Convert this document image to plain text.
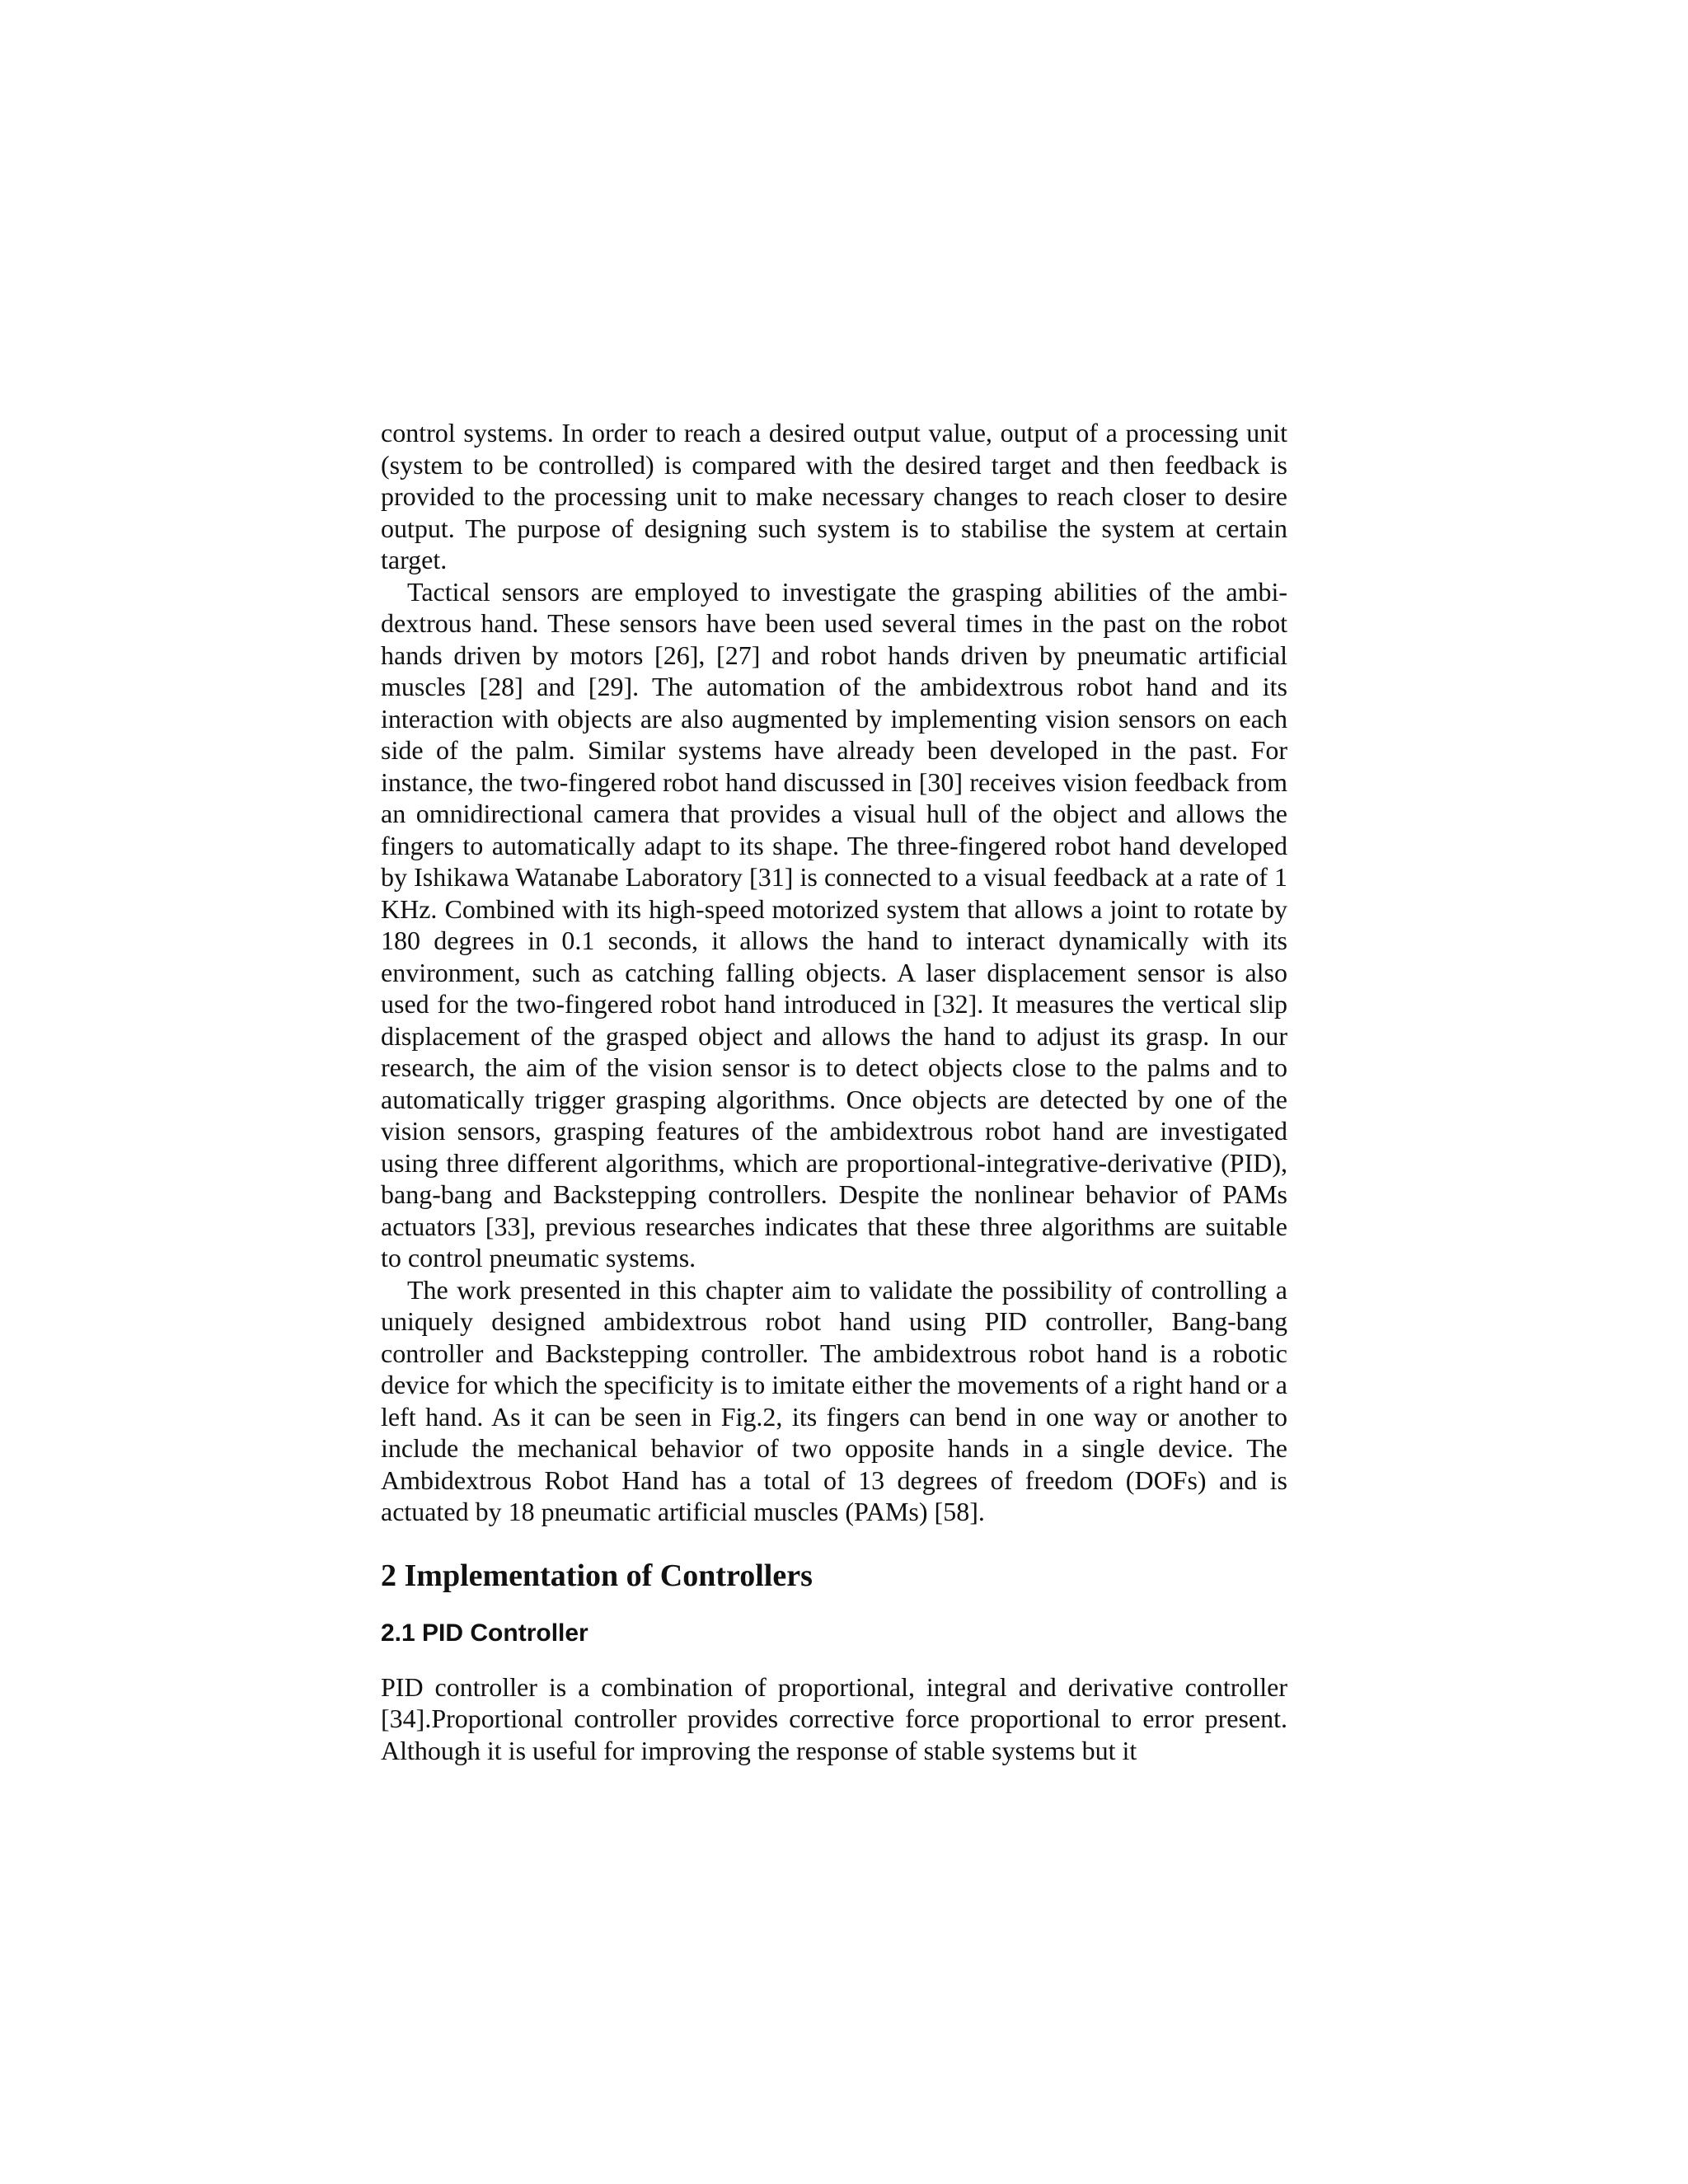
control systems. In order to reach a desired output value, output of a processing unit (system to be controlled) is compared with the desired target and then feedback is provided to the processing unit to make necessary changes to reach closer to desire output. The purpose of designing such system is to stabilise the system at certain target.

Tactical sensors are employed to investigate the grasping abilities of the ambidextrous hand. These sensors have been used several times in the past on the robot hands driven by motors [26], [27] and robot hands driven by pneumatic artificial muscles [28] and [29]. The automation of the ambidextrous robot hand and its interaction with objects are also augmented by implementing vision sensors on each side of the palm. Similar systems have already been developed in the past. For instance, the two-fingered robot hand discussed in [30] receives vision feedback from an omnidirectional camera that provides a visual hull of the object and allows the fingers to automatically adapt to its shape. The three-fingered robot hand developed by Ishikawa Watanabe Laboratory [31] is connected to a visual feedback at a rate of 1 KHz. Combined with its high-speed motorized system that allows a joint to rotate by 180 degrees in 0.1 seconds, it allows the hand to interact dynamically with its environment, such as catching falling objects. A laser displacement sensor is also used for the two-fingered robot hand introduced in [32]. It measures the vertical slip displacement of the grasped object and allows the hand to adjust its grasp. In our research, the aim of the vision sensor is to detect objects close to the palms and to automatically trigger grasping algorithms. Once objects are detected by one of the vision sensors, grasping features of the ambidextrous robot hand are investigated using three different algorithms, which are proportional-integrative-derivative (PID), bang-bang and Backstepping controllers. Despite the nonlinear behavior of PAMs actuators [33], previous researches indicates that these three algorithms are suitable to control pneumatic systems.

The work presented in this chapter aim to validate the possibility of controlling a uniquely designed ambidextrous robot hand using PID controller, Bang-bang controller and Backstepping controller. The ambidextrous robot hand is a robotic device for which the specificity is to imitate either the movements of a right hand or a left hand. As it can be seen in Fig.2, its fingers can bend in one way or another to include the mechanical behavior of two opposite hands in a single device. The Ambidextrous Robot Hand has a total of 13 degrees of freedom (DOFs) and is actuated by 18 pneumatic artificial muscles (PAMs) [58].

2 Implementation of Controllers
2.1 PID Controller

PID controller is a combination of proportional, integral and derivative controller [34].Proportional controller provides corrective force proportional to error present. Although it is useful for improving the response of stable systems but it
